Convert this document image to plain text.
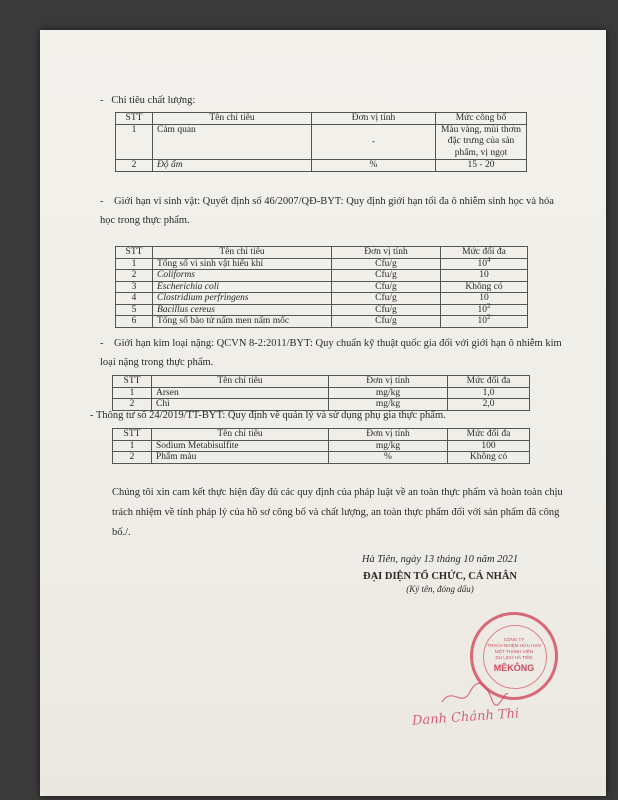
-   Chỉ tiêu chất lượng:
STT	Tên chỉ tiêu	Đơn vị tính	Mức công bố
1	Cảm quan	-	Màu vàng, mùi thơm đặc trưng của sản phẩm, vị ngọt
2	Độ ẩm	%	15 - 20

-    Giới hạn vi sinh vật: Quyết định số 46/2007/QĐ-BYT: Quy định giới hạn tối đa ô nhiễm sinh học và hóa học trong thực phẩm.

STT	Tên chỉ tiêu	Đơn vị tính	Mức đối đa
1	Tổng số vi sinh vật hiếu khí	Cfu/g	$10^4$
2	Coliforms	Cfu/g	10
3	Escherichia coli	Cfu/g	Không có
4	Clostridium perfringens	Cfu/g	10
5	Bacillus cereus	Cfu/g	$10^2$
6	Tổng số bào tử nấm men nấm mốc	Cfu/g	$10^2$

-    Giới hạn kim loại nặng: QCVN 8-2:2011/BYT: Quy chuẩn kỹ thuật quốc gia đối với giới hạn ô nhiễm kim loại nặng trong thực phẩm.

STT	Tên chỉ tiêu	Đơn vị tính	Mức đối đa
1	Arsen	mg/kg	1,0
2	Chì	mg/kg	2,0
- Thông tư số 24/2019/TT-BYT: Quy định về quản lý và sử dụng phụ gia thực phẩm.
STT	Tên chỉ tiêu	Đơn vị tính	Mức đối đa
1	Sodium Metabisulfite	mg/kg	100
2	Phẩm màu	%	Không có

Chúng tôi xin cam kết thực hiện đầy đủ các quy định của pháp luật về an toàn thực phẩm và hoàn toàn chịu trách nhiệm về tính pháp lý của hồ sơ công bố và chất lượng, an toàn thực phẩm đối với sản phẩm đã công bố./.

Hà Tiên, ngày 13 tháng 10 năm 2021
ĐẠI DIỆN TỔ CHỨC, CÁ NHÂN
(Ký tên, đóng dấu)
CÔNG TY
TRÁCH NHIỆM HỮU HẠN
MỘT THÀNH VIÊN
DU LỊCH HÀ TIÊN
MÊKÔNG
Danh Chánh Thi
